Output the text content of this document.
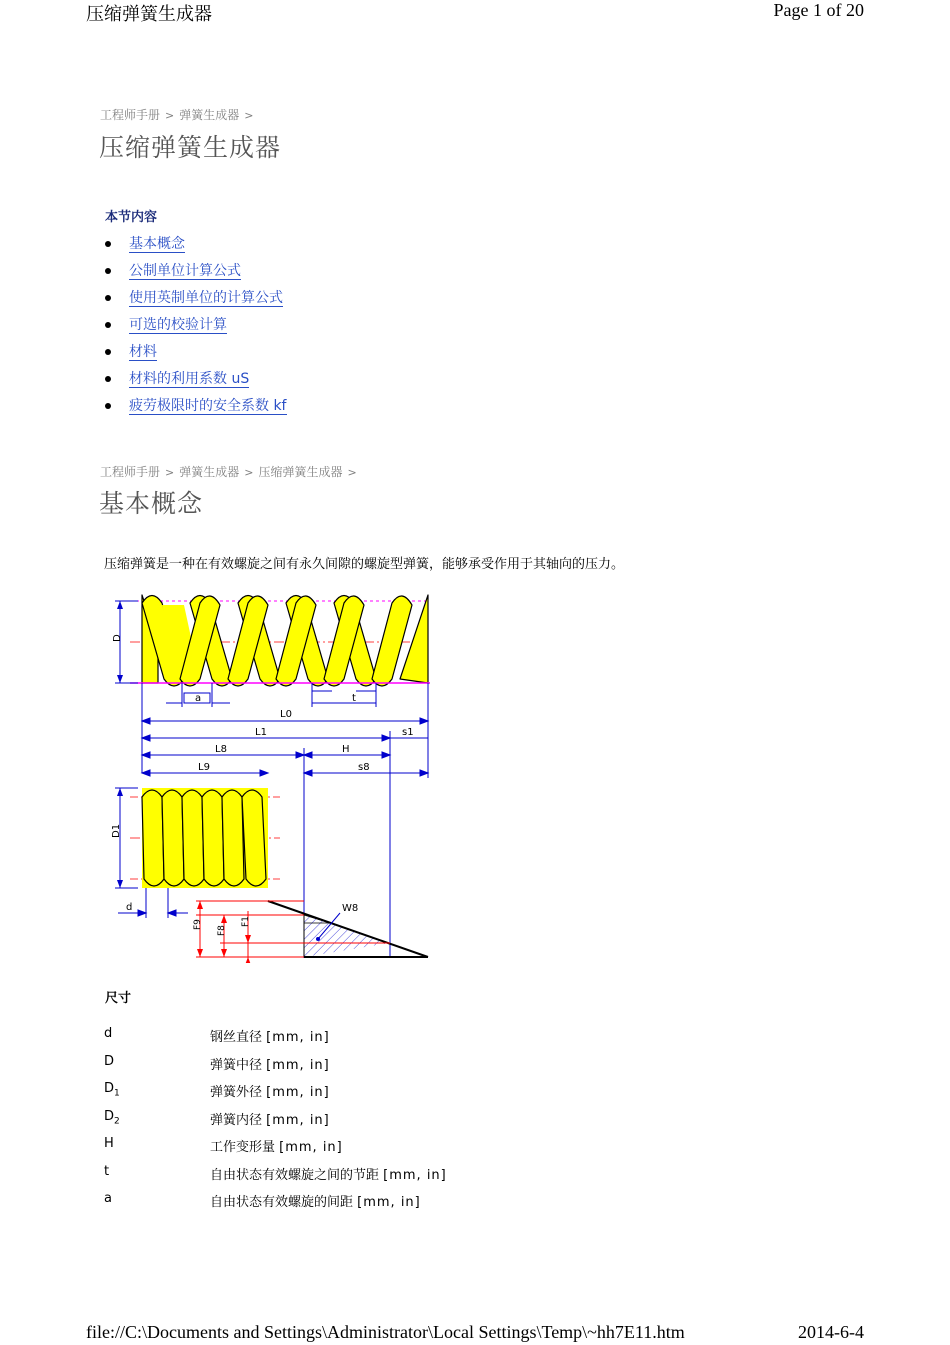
压缩弹簧生成器	Page 1 of 20
工程师手册 > 弹簧生成器 >
压缩弹簧生成器
本节内容
基本概念
公制单位计算公式
使用英制单位的计算公式
可选的校验计算
材料
材料的利用系数 uS
疲劳极限时的安全系数 kf
工程师手册 > 弹簧生成器 > 压缩弹簧生成器 >
基本概念
压缩弹簧是一种在有效螺旋之间有永久间隙的螺旋型弹簧，能够承受作用于其轴向的压力。
D
a	t
L0
L1	s1
L8	H
L9	s8
D1
d	W8
F9
F8
F1
尺寸
d	钢丝直径 [mm, in]
D	弹簧中径 [mm, in]
$D_1$	弹簧外径 [mm, in]
$D_2$	弹簧内径 [mm, in]
H	工作变形量 [mm, in]
t	自由状态有效螺旋之间的节距 [mm, in]
a	自由状态有效螺旋的间距 [mm, in]
file://C:\Documents and Settings\Administrator\Local Settings\Temp\~hh7E11.htm	2014-6-4
